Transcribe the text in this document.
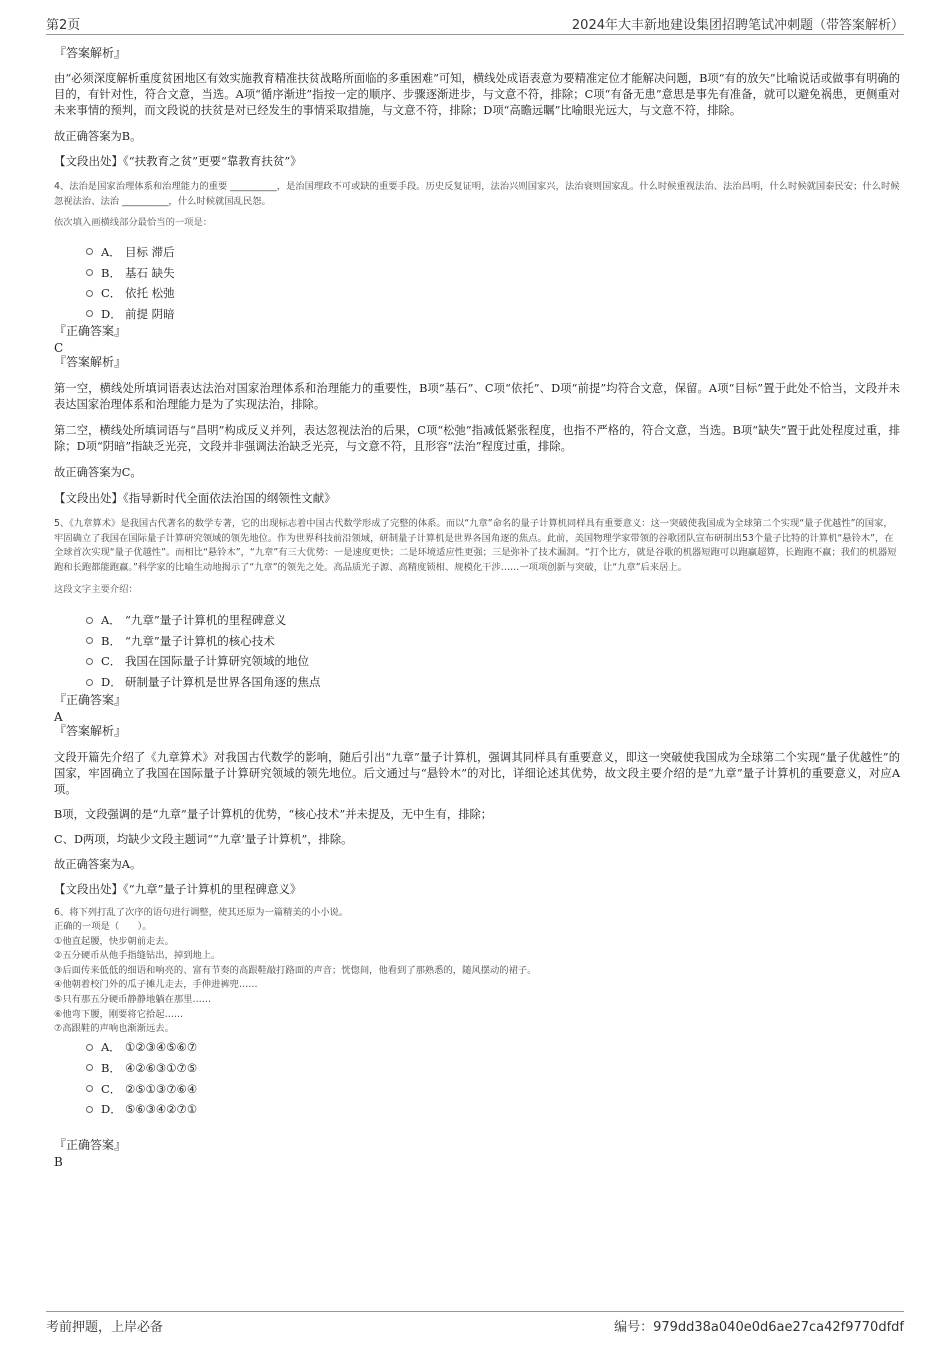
第2页	2024年大丰新地建设集团招聘笔试冲刺题（带答案解析）
『答案解析』

由“必须深度解析重度贫困地区有效实施教育精准扶贫战略所面临的多重困难”可知，横线处成语表意为要精准定位才能解决问题，B项“有的放矢”比喻说话或做事有明确的目的，有针对性，符合文意，当选。A项“循序渐进”指按一定的顺序、步骤逐渐进步，与文意不符，排除；C项“有备无患”意思是事先有准备，就可以避免祸患，更侧重对未来事情的预判，而文段说的扶贫是对已经发生的事情采取措施，与文意不符，排除；D项“高瞻远瞩”比喻眼光远大，与文意不符，排除。

故正确答案为B。

【文段出处】《“扶教育之贫”更要“靠教育扶贫”》

4、法治是国家治理体系和治理能力的重要 __________，是治国理政不可或缺的重要手段。历史反复证明，法治兴则国家兴，法治衰则国家乱。什么时候重视法治、法治昌明，什么时候就国泰民安；什么时候忽视法治、法治 __________，什么时候就国乱民怨。

依次填入画横线部分最恰当的一项是：

A． 目标 滞后
B． 基石 缺失
C． 依托 松弛
D． 前提 阴暗
『正确答案』
C
『答案解析』

第一空，横线处所填词语表达法治对国家治理体系和治理能力的重要性，B项“基石”、C项“依托”、D项“前提”均符合文意，保留。A项“目标”置于此处不恰当，文段并未表达国家治理体系和治理能力是为了实现法治，排除。

第二空，横线处所填词语与“昌明”构成反义并列，表达忽视法治的后果，C项“松弛”指减低紧张程度，也指不严格的，符合文意，当选。B项“缺失”置于此处程度过重，排除；D项“阴暗”指缺乏光亮，文段并非强调法治缺乏光亮，与文意不符，且形容“法治”程度过重，排除。

故正确答案为C。

【文段出处】《指导新时代全面依法治国的纲领性文献》

5、《九章算术》是我国古代著名的数学专著，它的出现标志着中国古代数学形成了完整的体系。而以“九章”命名的量子计算机同样具有重要意义：这一突破使我国成为全球第二个实现“量子优越性”的国家，牢固确立了我国在国际量子计算研究领域的领先地位。作为世界科技前沿领域，研制量子计算机是世界各国角逐的焦点。此前，美国物理学家带领的谷歌团队宣布研制出53个量子比特的计算机“悬铃木”，在全球首次实现“量子优越性”。而相比“悬铃木”，“九章”有三大优势：一是速度更快；二是环境适应性更强；三是弥补了技术漏洞。“打个比方，就是谷歌的机器短跑可以跑赢超算，长跑跑不赢；我们的机器短跑和长跑都能跑赢。”科学家的比喻生动地揭示了“九章”的领先之处。高品质光子源、高精度锁相、规模化干涉……一项项创新与突破，让“九章”后来居上。

这段文字主要介绍：

A． “九章”量子计算机的里程碑意义
B． “九章”量子计算机的核心技术
C． 我国在国际量子计算研究领域的地位
D． 研制量子计算机是世界各国角逐的焦点
『正确答案』
A
『答案解析』

文段开篇先介绍了《九章算术》对我国古代数学的影响，随后引出“九章”量子计算机，强调其同样具有重要意义，即这一突破使我国成为全球第二个实现“量子优越性”的国家，牢固确立了我国在国际量子计算研究领域的领先地位。后文通过与“悬铃木”的对比，详细论述其优势，故文段主要介绍的是“九章”量子计算机的重要意义，对应A项。

B项，文段强调的是“九章”量子计算机的优势，“核心技术”并未提及，无中生有，排除；

C、D两项，均缺少文段主题词““九章’量子计算机”，排除。

故正确答案为A。

【文段出处】《“九章”量子计算机的里程碑意义》

6、将下列打乱了次序的语句进行调整，使其还原为一篇精美的小小说。

正确的一项是（　　）。

①他直起腰，快步朝前走去。

②五分硬币从他手指缝钻出，掉到地上。

③后面传来低低的细语和响亮的、富有节奏的高跟鞋敲打路面的声音；恍惚间，他看到了那熟悉的，随风摆动的裙子。

④他朝着校门外的瓜子摊儿走去，手伸进裤兜……

⑤只有那五分硬币静静地躺在那里……

⑥他弯下腰，刚要将它拾起……

⑦高跟鞋的声响也渐渐远去。

A． ①②③④⑤⑥⑦
B． ④②⑥③①⑦⑤
C． ②⑤①③⑦⑥④
D． ⑤⑥③④②⑦①
『正确答案』
B
考前押题，上岸必备	编号：979dd38a040e0d6ae27ca42f9770dfdf
